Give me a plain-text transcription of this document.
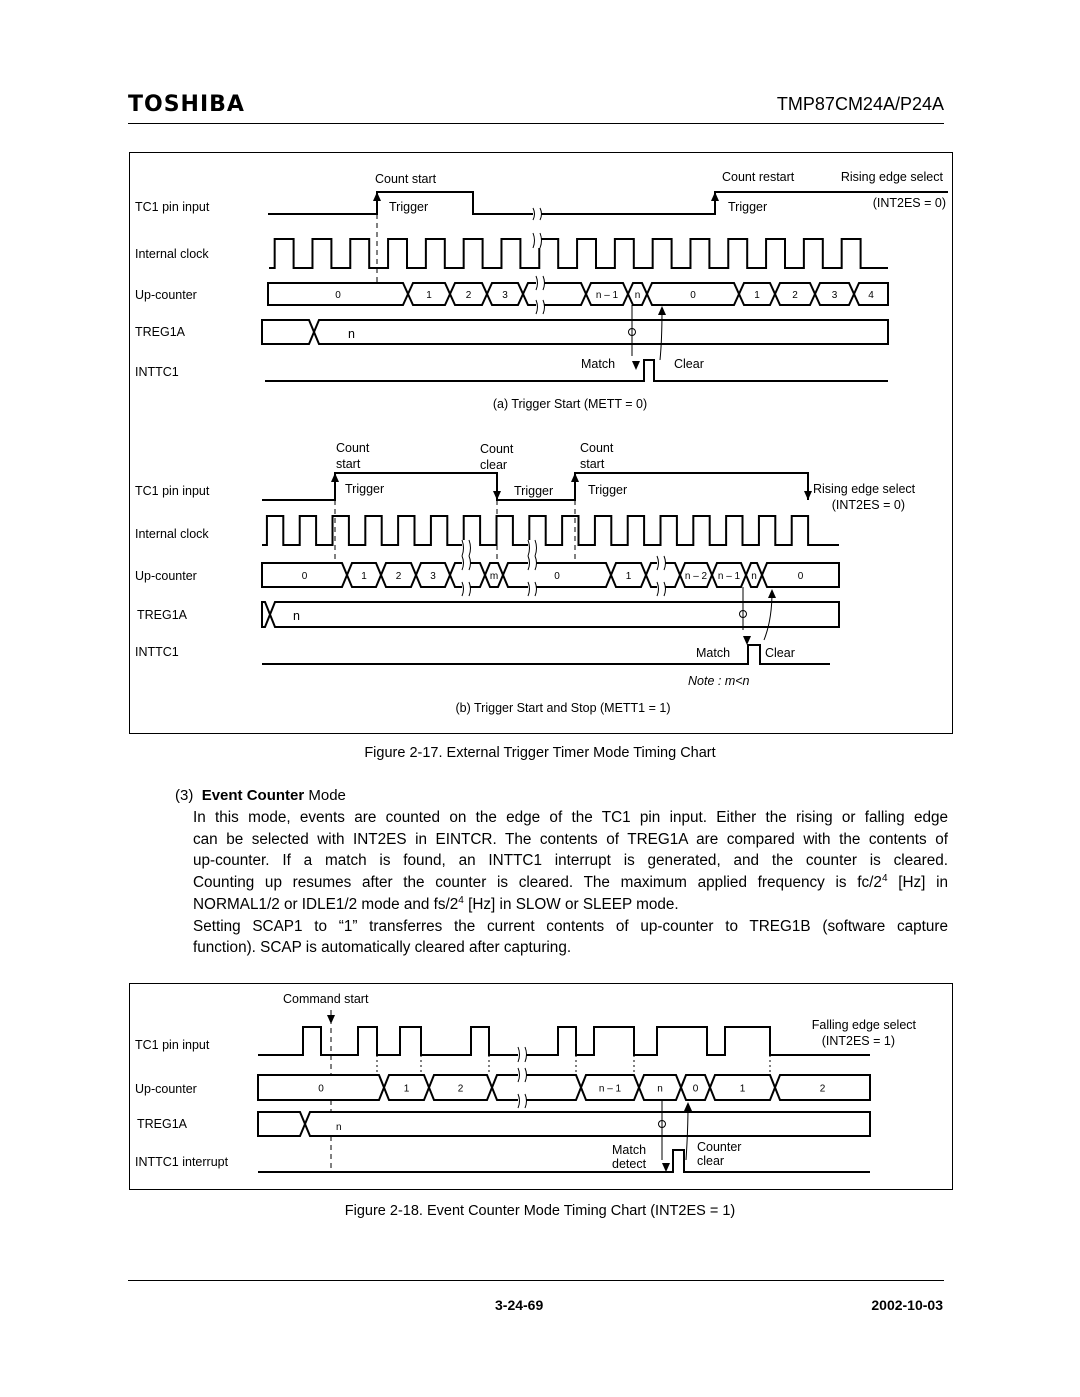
TOSHIBA	TMP87CM24A/P24A
0	1	2	3	n – 1 n	0	1	2	3	4
TC1 pin input
Internal clock
Up-counter
TREG1A
INTTC1
Count start
Trigger
Count restart
Trigger
Rising edge select
(INT2ES = 0)
n
Match	Clear
(a) Trigger Start (METT = 0)
0	1	2	3	m	0	1	n – 2 n – 1 n	0
TC1 pin input
Internal clock
Up-counter
TREG1A
INTTC1
Count
start
Count
clear
Count
start
Trigger	Trigger	Trigger	Rising edge select
(INT2ES = 0)
n
Match	Clear
Note : m<n
(b) Trigger Start and Stop (METT1 = 1)
0	1	2	n – 1	n	0	1	2
TC1 pin input
Up-counter
TREG1A
INTTC1 interrupt
Command start
Falling edge select
(INT2ES = 1)
n
Match
detect
Counter
clear
Figure 2-17. External Trigger Timer Mode Timing Chart
(3) Event Counter Mode
In this mode, events are counted on the edge of the TC1 pin input. Either the rising or falling edge
can be selected with INT2ES in EINTCR. The contents of TREG1A are compared with the contents of
up-counter. If a match is found, an INTTC1 interrupt is generated, and the counter is cleared.
Counting up resumes after the counter is cleared. The maximum applied frequency is $fc/2^4$ [Hz] in
NORMAL1/2 or IDLE1/2 mode and $fs/2^4$ [Hz] in SLOW or SLEEP mode.
Setting SCAP1 to “1” transferres the current contents of up-counter to TREG1B (software capture
function). SCAP is automatically cleared after capturing.
Figure 2-18. Event Counter Mode Timing Chart (INT2ES = 1)
3-24-69	2002-10-03
